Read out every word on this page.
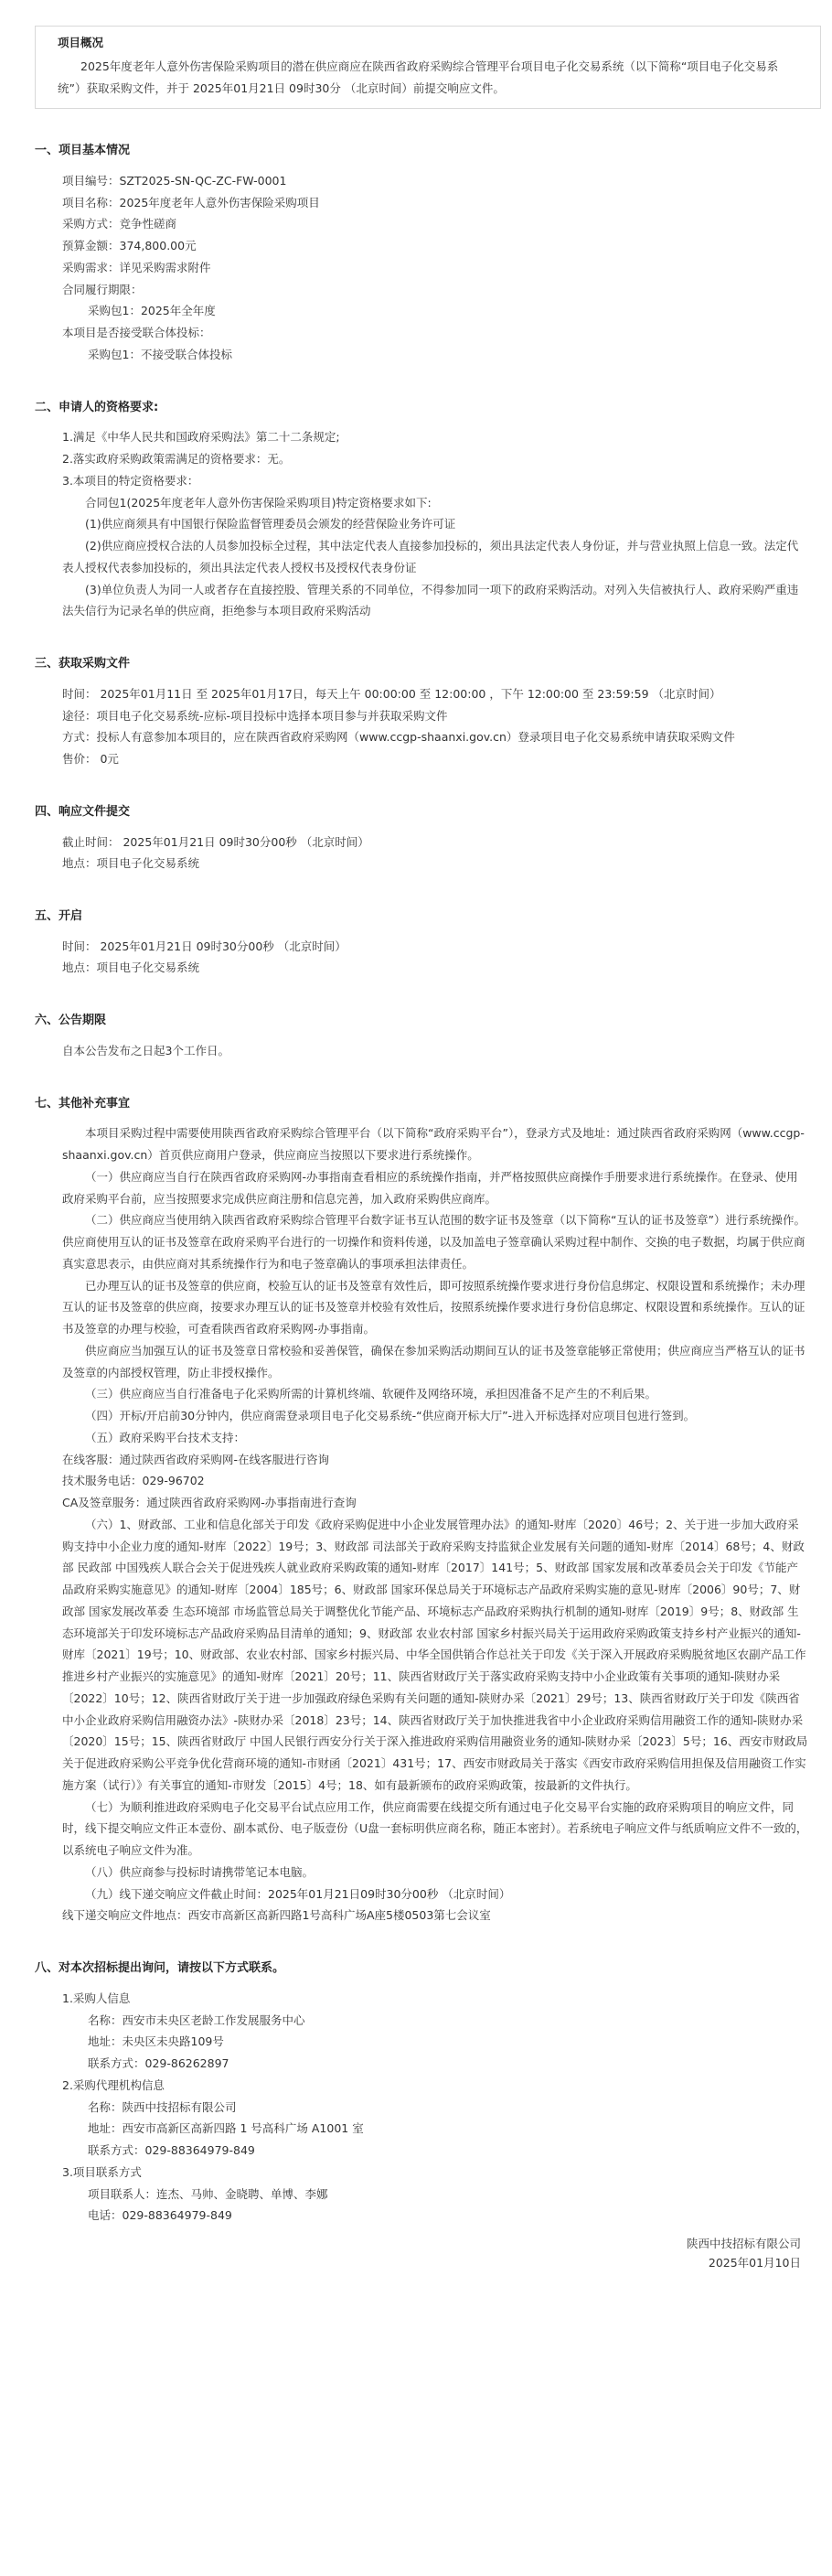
项目概况
2025年度老年人意外伤害保险采购项目的潜在供应商应在陕西省政府采购综合管理平台项目电子化交易系统（以下简称“项目电子化交易系统”）获取采购文件，并于 2025年01月21日 09时30分 （北京时间）前提交响应文件。
一、项目基本情况
项目编号：SZT2025-SN-QC-ZC-FW-0001
项目名称：2025年度老年人意外伤害保险采购项目
采购方式：竞争性磋商
预算金额：374,800.00元
采购需求：详见采购需求附件
合同履行期限：
采购包1：2025年全年度
本项目是否接受联合体投标：
采购包1：不接受联合体投标
二、申请人的资格要求:
1.满足《中华人民共和国政府采购法》第二十二条规定;
2.落实政府采购政策需满足的资格要求：无。
3.本项目的特定资格要求：
合同包1(2025年度老年人意外伤害保险采购项目)特定资格要求如下:
(1)供应商须具有中国银行保险监督管理委员会颁发的经营保险业务许可证
(2)供应商应授权合法的人员参加投标全过程，其中法定代表人直接参加投标的，须出具法定代表人身份证，并与营业执照上信息一致。法定代表人授权代表参加投标的，须出具法定代表人授权书及授权代表身份证
(3)单位负责人为同一人或者存在直接控股、管理关系的不同单位，不得参加同一项下的政府采购活动。对列入失信被执行人、政府采购严重违法失信行为记录名单的供应商，拒绝参与本项目政府采购活动
三、获取采购文件
时间： 2025年01月11日 至 2025年01月17日，每天上午 00:00:00 至 12:00:00 ，下午 12:00:00 至 23:59:59 （北京时间）
途径：项目电子化交易系统-应标-项目投标中选择本项目参与并获取采购文件
方式：投标人有意参加本项目的，应在陕西省政府采购网（www.ccgp-shaanxi.gov.cn）登录项目电子化交易系统申请获取采购文件
售价： 0元
四、响应文件提交
截止时间： 2025年01月21日 09时30分00秒 （北京时间）
地点：项目电子化交易系统
五、开启
时间： 2025年01月21日 09时30分00秒 （北京时间）
地点：项目电子化交易系统
六、公告期限
自本公告发布之日起3个工作日。
七、其他补充事宜
本项目采购过程中需要使用陕西省政府采购综合管理平台（以下简称“政府采购平台”），登录方式及地址：通过陕西省政府采购网（www.ccgp-shaanxi.gov.cn）首页供应商用户登录，供应商应当按照以下要求进行系统操作。
（一）供应商应当自行在陕西省政府采购网-办事指南查看相应的系统操作指南，并严格按照供应商操作手册要求进行系统操作。在登录、使用政府采购平台前，应当按照要求完成供应商注册和信息完善，加入政府采购供应商库。
（二）供应商应当使用纳入陕西省政府采购综合管理平台数字证书互认范围的数字证书及签章（以下简称“互认的证书及签章”）进行系统操作。供应商使用互认的证书及签章在政府采购平台进行的一切操作和资料传递，以及加盖电子签章确认采购过程中制作、交换的电子数据，均属于供应商真实意思表示，由供应商对其系统操作行为和电子签章确认的事项承担法律责任。
已办理互认的证书及签章的供应商，校验互认的证书及签章有效性后，即可按照系统操作要求进行身份信息绑定、权限设置和系统操作；未办理互认的证书及签章的供应商，按要求办理互认的证书及签章并校验有效性后，按照系统操作要求进行身份信息绑定、权限设置和系统操作。互认的证书及签章的办理与校验，可查看陕西省政府采购网-办事指南。
供应商应当加强互认的证书及签章日常校验和妥善保管，确保在参加采购活动期间互认的证书及签章能够正常使用；供应商应当严格互认的证书及签章的内部授权管理，防止非授权操作。
（三）供应商应当自行准备电子化采购所需的计算机终端、软硬件及网络环境，承担因准备不足产生的不利后果。
（四）开标/开启前30分钟内，供应商需登录项目电子化交易系统-“供应商开标大厅”-进入开标选择对应项目包进行签到。
（五）政府采购平台技术支持：
在线客服：通过陕西省政府采购网-在线客服进行咨询
技术服务电话：029-96702
CA及签章服务：通过陕西省政府采购网-办事指南进行查询
（六）1、财政部、工业和信息化部关于印发《政府采购促进中小企业发展管理办法》的通知-财库〔2020〕46号；2、关于进一步加大政府采购支持中小企业力度的通知-财库〔2022〕19号；3、财政部 司法部关于政府采购支持监狱企业发展有关问题的通知-财库〔2014〕68号；4、财政部 民政部 中国残疾人联合会关于促进残疾人就业政府采购政策的通知-财库〔2017〕141号；5、财政部 国家发展和改革委员会关于印发《节能产品政府采购实施意见》的通知-财库〔2004〕185号；6、财政部 国家环保总局关于环境标志产品政府采购实施的意见-财库〔2006〕90号；7、财政部 国家发展改革委 生态环境部 市场监管总局关于调整优化节能产品、环境标志产品政府采购执行机制的通知-财库〔2019〕9号；8、财政部 生态环境部关于印发环境标志产品政府采购品目清单的通知；9、财政部 农业农村部 国家乡村振兴局关于运用政府采购政策支持乡村产业振兴的通知-财库〔2021〕19号；10、财政部、农业农村部、国家乡村振兴局、中华全国供销合作总社关于印发《关于深入开展政府采购脱贫地区农副产品工作推进乡村产业振兴的实施意见》的通知-财库〔2021〕20号；11、陕西省财政厅关于落实政府采购支持中小企业政策有关事项的通知-陕财办采〔2022〕10号；12、陕西省财政厅关于进一步加强政府绿色采购有关问题的通知-陕财办采〔2021〕29号；13、陕西省财政厅关于印发《陕西省中小企业政府采购信用融资办法》-陕财办采〔2018〕23号；14、陕西省财政厅关于加快推进我省中小企业政府采购信用融资工作的通知-陕财办采〔2020〕15号；15、陕西省财政厅 中国人民银行西安分行关于深入推进政府采购信用融资业务的通知-陕财办采〔2023〕5号；16、西安市财政局关于促进政府采购公平竞争优化营商环境的通知-市财函〔2021〕431号；17、西安市财政局关于落实《西安市政府采购信用担保及信用融资工作实施方案（试行）》有关事宜的通知-市财发〔2015〕4号；18、如有最新颁布的政府采购政策，按最新的文件执行。
（七）为顺利推进政府采购电子化交易平台试点应用工作，供应商需要在线提交所有通过电子化交易平台实施的政府采购项目的响应文件，同时，线下提交响应文件正本壹份、副本贰份、电子版壹份（U盘一套标明供应商名称，随正本密封）。若系统电子响应文件与纸质响应文件不一致的，以系统电子响应文件为准。
（八）供应商参与投标时请携带笔记本电脑。
（九）线下递交响应文件截止时间：2025年01月21日09时30分00秒 （北京时间）
线下递交响应文件地点：西安市高新区高新四路1号高科广场A座5楼0503第七会议室
八、对本次招标提出询问，请按以下方式联系。
1.采购人信息
名称：西安市未央区老龄工作发展服务中心
地址：未央区未央路109号
联系方式：029-86262897
2.采购代理机构信息
名称：陕西中技招标有限公司
地址：西安市高新区高新四路 1 号高科广场 A1001 室
联系方式：029-88364979-849
3.项目联系方式
项目联系人：连杰、马帅、金晓聘、单博、李娜
电话：029-88364979-849
陕西中技招标有限公司
2025年01月10日
